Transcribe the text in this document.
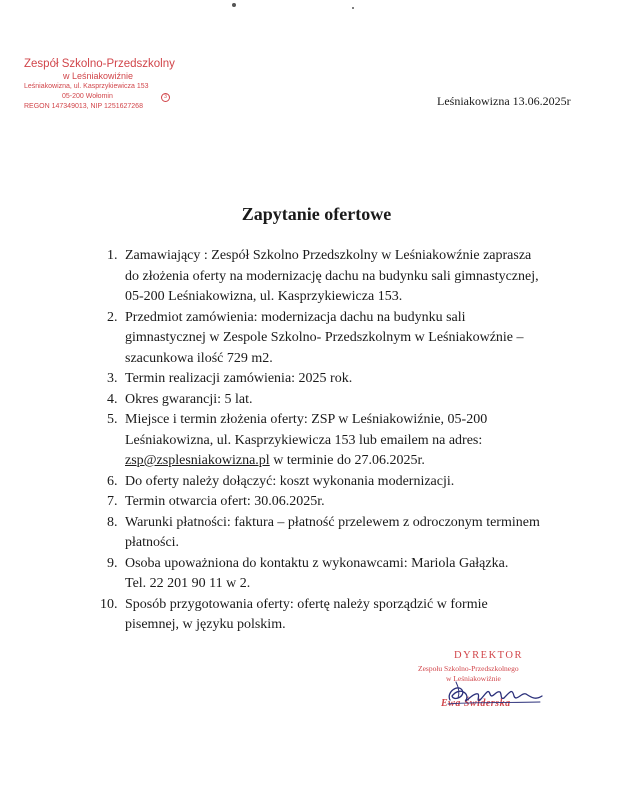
Zespół Szkolno-Przedszkolny
w Leśniakowiźnie
Leśniakowizna, ul. Kasprzykiewicza 153
05-200 Wołomin	3
REGON 147349013, NIP 1251627268	Leśniakowizna 13.06.2025r
Zapytanie ofertowe
1. Zamawiający : Zespół Szkolno Przedszkolny w Leśniakowźnie zaprasza
do złożenia oferty na modernizację dachu na budynku sali gimnastycznej,
05-200 Leśniakowizna, ul. Kasprzykiewicza 153.
2. Przedmiot zamówienia: modernizacja dachu na budynku sali
gimnastycznej w Zespole Szkolno- Przedszkolnym w Leśniakowźnie –
szacunkowa ilość 729 m2.
3. Termin realizacji zamówienia: 2025 rok.
4. Okres gwarancji: 5 lat.
5. Miejsce i termin złożenia oferty: ZSP w Leśniakowiźnie, 05-200
Leśniakowizna, ul. Kasprzykiewicza 153 lub emailem na adres:
zsp@zsplesniakowizna.pl w terminie do 27.06.2025r.
6. Do oferty należy dołączyć: koszt wykonania modernizacji.
7. Termin otwarcia ofert: 30.06.2025r.
8. Warunki płatności: faktura – płatność przelewem z odroczonym terminem
płatności.
9. Osoba upoważniona do kontaktu z wykonawcami: Mariola Gałązka.
Tel. 22 201 90 11 w 2.
10. Sposób przygotowania oferty: ofertę należy sporządzić w formie
pisemnej, w języku polskim.
DYREKTOR
Zespołu Szkolno-Przedszkolnego
w Leśniakowiźnie
Ewa Świderska
